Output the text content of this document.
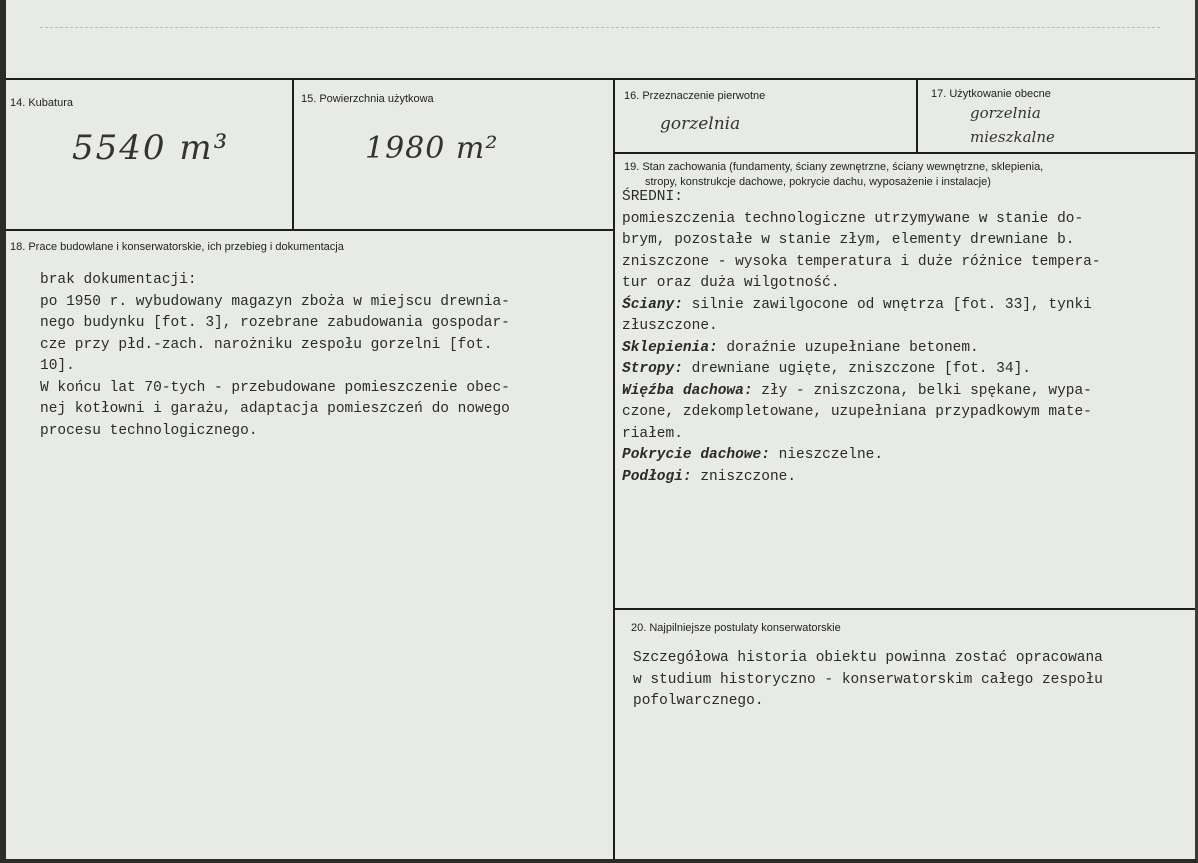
14. Kubatura
5540 m³
15. Powierzchnia użytkowa
1980 m²
16. Przeznaczenie pierwotne
gorzelnia
17. Użytkowanie obecne
gorzelnia
mieszkalne
19. Stan zachowania (fundamenty, ściany zewnętrzne, ściany wewnętrzne, sklepienia,
stropy, konstrukcje dachowe, pokrycie dachu, wyposażenie i instalacje)
ŚREDNI:
pomieszczenia technologiczne utrzymywane w stanie do-
brym, pozostałe w stanie złym, elementy drewniane b.
zniszczone - wysoka temperatura i duże różnice tempera-
tur oraz duża wilgotność.
Ściany: silnie zawilgocone od wnętrza [fot. 33], tynki
złuszczone.
Sklepienia: doraźnie uzupełniane betonem.
Stropy: drewniane ugięte, zniszczone [fot. 34].
Więźba dachowa: zły - zniszczona, belki spękane, wypa-
czone, zdekompletowane, uzupełniana przypadkowym mate-
riałem.
Pokrycie dachowe: nieszczelne.
Podłogi: zniszczone.
18. Prace budowlane i konserwatorskie, ich przebieg i dokumentacja
brak dokumentacji:
po 1950 r. wybudowany magazyn zboża w miejscu drewnia-
nego budynku [fot. 3], rozebrane zabudowania gospodar-
cze przy płd.-zach. narożniku zespołu gorzelni [fot.
10].
W końcu lat 70-tych - przebudowane pomieszczenie obec-
nej kotłowni i garażu, adaptacja pomieszczeń do nowego
procesu technologicznego.
20. Najpilniejsze postulaty konserwatorskie
Szczegółowa historia obiektu powinna zostać opracowana
w studium historyczno - konserwatorskim całego zespołu
pofolwarcznego.
